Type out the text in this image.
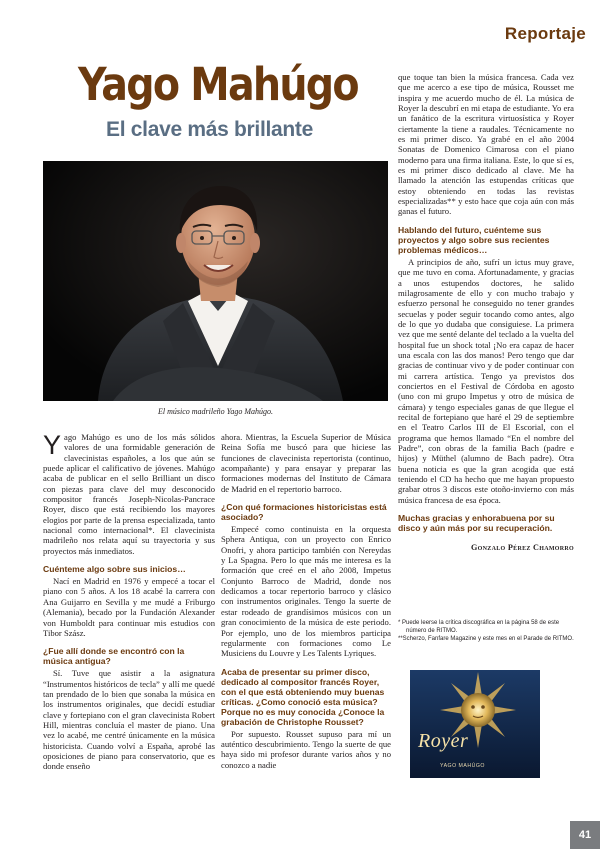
Reportaje
Yago Mahúgo
El clave más brillante
El músico madrileño Yago Mahúgo.

Yago Mahúgo es uno de los más sólidos valores de una formidable generación de clavecinistas españoles, a los que aún se puede aplicar el calificativo de jóvenes. Mahúgo acaba de publicar en el sello Brilliant un disco con piezas para clave del muy desconocido compositor francés Joseph-Nicolas-Pancrace Royer, disco que está recibiendo los mayores elogios por parte de la prensa especializada, tanto nacional como internacional*. El clavecinista madrileño nos relata aquí su trayectoria y sus proyectos más inmediatos.

Cuénteme algo sobre sus inicios…

Nací en Madrid en 1976 y empecé a tocar el piano con 5 años. A los 18 acabé la carrera con Ana Guijarro en Sevilla y me mudé a Friburgo (Alemania), becado por la Fundación Alexander von Humboldt para continuar mis estudios con Tibor Szász.

¿Fue allí donde se encontró con la música antigua?

Sí. Tuve que asistir a la asignatura “Instrumentos históricos de tecla” y allí me quedé tan prendado de lo bien que sonaba la música en los instrumentos originales, que decidí estudiar clave y fortepiano con el gran clavecinista Robert Hill, mientras concluía el master de piano. Una vez lo acabé, me centré únicamente en la música historicista. Cuando volví a España, aprobé las oposiciones de piano para conservatorio, que es donde enseño

ahora. Mientras, la Escuela Superior de Música Reina Sofía me buscó para que hiciese las funciones de clavecinista repertorista (continuo, acompañante) y para ensayar y preparar las formaciones modernas del Instituto de Cámara de Madrid en el repertorio barroco.

¿Con qué formaciones historicistas está asociado?

Empecé como continuista en la orquesta Sphera Antiqua, con un proyecto con Enrico Onofri, y ahora participo también con Nereydas y La Spagna. Pero lo que más me interesa es la formación que creé en el año 2008, Impetus Conjunto Barroco de Madrid, donde nos dedicamos a tocar repertorio barroco y clásico con instrumentos originales. Tengo la suerte de estar rodeado de grandísimos músicos con un gran conocimiento de la música de este periodo. Por ejemplo, uno de los miembros participa regularmente con formaciones como Le Musiciens du Louvre y Les Talents Lyriques.

Acaba de presentar su primer disco, dedicado al compositor francés Royer, con el que está obteniendo muy buenas críticas. ¿Como conoció esta música? Porque no es muy conocida ¿Conoce la grabación de Christophe Rousset?

Por supuesto. Rousset supuso para mí un auténtico descubrimiento. Tengo la suerte de que haya sido mi profesor durante varios años y no conozco a nadie

que toque tan bien la música francesa. Cada vez que me acerco a ese tipo de música, Rousset me inspira y me acuerdo mucho de él. La música de Royer la descubrí en mi etapa de estudiante. Yo era un fanático de la escritura virtuosística y Royer ciertamente la tiene a raudales. Técnicamente no es mi primer disco. Ya grabé en el año 2004 Sonatas de Domenico Cimarosa con el piano moderno para una firma italiana. Este, lo que sí es, es mi primer disco dedicado al clave. Me ha llamado la atención las estupendas críticas que estoy obteniendo en todas las revistas especializadas** y esto hace que coja aún con más ganas el futuro.

Hablando del futuro, cuénteme sus proyectos y algo sobre sus recientes problemas médicos…

A principios de año, sufrí un ictus muy grave, que me tuvo en coma. Afortunadamente, y gracias a unos estupendos doctores, he salido milagrosamente de ello y con mucho trabajo y esfuerzo personal he conseguido no tener grandes secuelas y poder seguir tocando como antes, algo de lo que yo dudaba que consiguiese. La primera vez que me senté delante del teclado a la vuelta del hospital fue un shock total ¡No era capaz de hacer una escala con las dos manos! Pero tengo que dar gracias de continuar vivo y de poder continuar con mi carrera artística. Tengo ya previstos dos conciertos en el Festival de Córdoba en agosto (uno con mi grupo Impetus y otro de música de cámara) y tengo especiales ganas de que llegue el recital de fortepiano que haré el 29 de septiembre en el Teatro Carlos III de El Escorial, con el programa que hemos llamado “En el nombre del Padre”, con obras de la familia Bach (padre e hijos) y Müthel (alumno de Bach padre). Otra buena noticia es que la gran acogida que está teniendo el CD ha hecho que me hayan propuesto grabar otros 3 discos este otoño-invierno con más música francesa de esa época.

Muchas gracias y enhorabuena por su disco y aún más por su recuperación.
Gonzalo Pérez Chamorro
* Puede leerse la crítica discográfica en la página 58 de este número de RITMO.
**Scherzo, Fanfare Magazine y este mes en el Parade de RITMO.
Royer
YAGO MAHÚGO
41
